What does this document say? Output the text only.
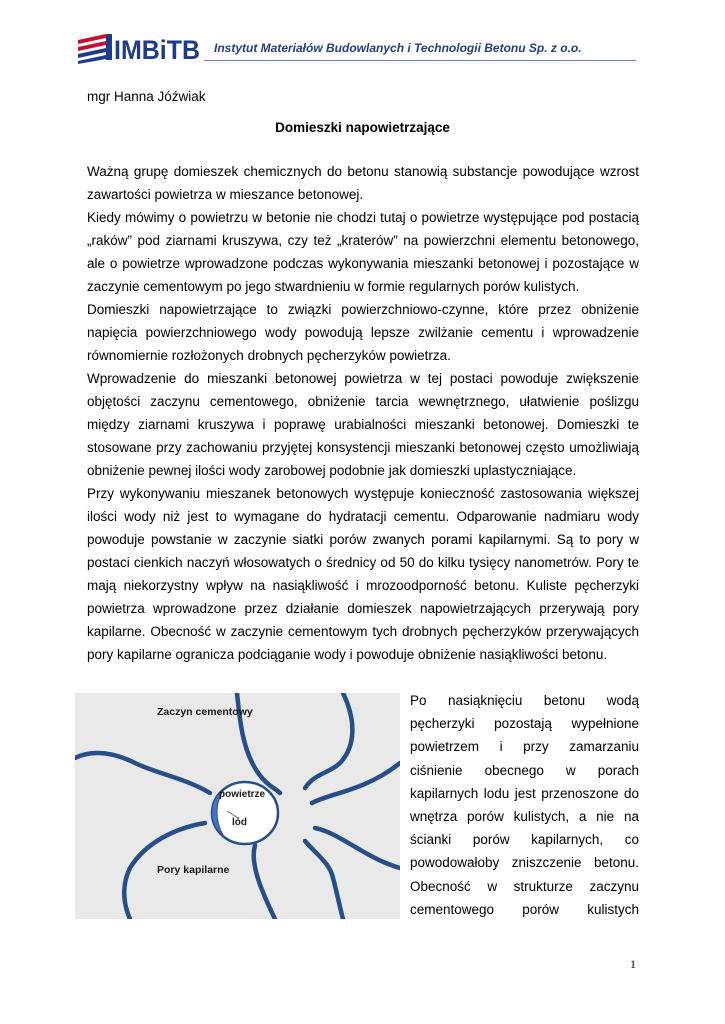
IMBiTB Instytut Materiałów Budowlanych i Technologii Betonu Sp. z o.o.
mgr Hanna Jóźwiak
Domieszki napowietrzające

Ważną grupę domieszek chemicznych do betonu stanowią substancje powodujące wzrost zawartości powietrza w mieszance betonowej.

Kiedy mówimy o powietrzu w betonie nie chodzi tutaj o powietrze występujące pod postacią „raków” pod ziarnami kruszywa, czy też „kraterów” na powierzchni elementu betonowego, ale o powietrze wprowadzone podczas wykonywania mieszanki betonowej i pozostające w zaczynie cementowym po jego stwardnieniu w formie regularnych porów kulistych.

Domieszki napowietrzające to związki powierzchniowo-czynne, które przez obniżenie napięcia powierzchniowego wody powodują lepsze zwilżanie cementu i wprowadzenie równomiernie rozłożonych drobnych pęcherzyków powietrza.

Wprowadzenie do mieszanki betonowej powietrza w tej postaci powoduje zwiększenie objętości zaczynu cementowego, obniżenie tarcia wewnętrznego, ułatwienie poślizgu między ziarnami kruszywa i poprawę urabialności mieszanki betonowej. Domieszki te stosowane przy zachowaniu przyjętej konsystencji mieszanki betonowej często umożliwiają obniżenie pewnej ilości wody zarobowej podobnie jak domieszki uplastyczniające.

Przy wykonywaniu mieszanek betonowych występuje konieczność zastosowania większej ilości wody niż jest to wymagane do hydratacji cementu. Odparowanie nadmiaru wody powoduje powstanie w zaczynie siatki porów zwanych porami kapilarnymi. Są to pory w postaci cienkich naczyń włosowatych o średnicy od 50 do kilku tysięcy nanometrów. Pory te mają niekorzystny wpływ na nasiąkliwość i mrozoodporność betonu. Kuliste pęcherzyki powietrza wprowadzone przez działanie domieszek napowietrzających przerywają pory kapilarne. Obecność w zaczynie cementowym tych drobnych pęcherzyków przerywających pory kapilarne ogranicza podciąganie wody i powoduje obniżenie nasiąkliwości betonu.

Zaczyn cementowy
powietrze
lód
Pory kapilarne
Po nasiąknięciu betonu wodą
pęcherzyki pozostają wypełnione
powietrzem i przy zamarzaniu
ciśnienie obecnego w porach
kapilarnych lodu jest przenoszone do
wnętrza porów kulistych, a nie na
ścianki porów kapilarnych, co
powodowałoby zniszczenie betonu.
Obecność w strukturze zaczynu
cementowego porów kulistych
1
